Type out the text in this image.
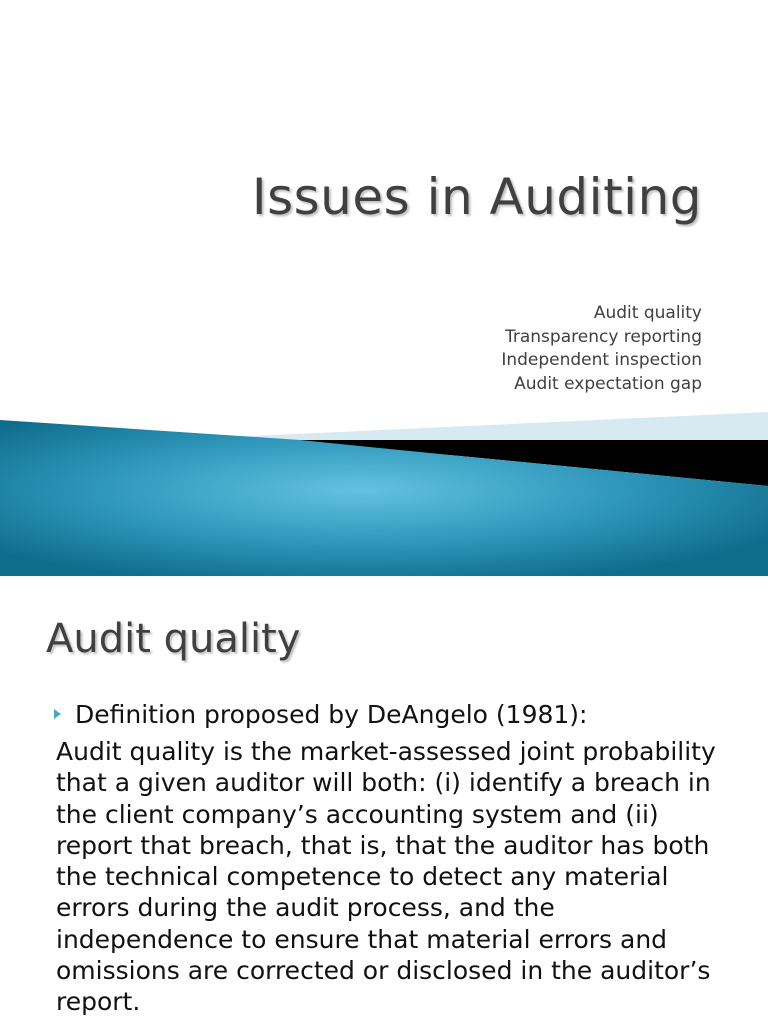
Issues in Auditing
Audit quality
Transparency reporting
Independent inspection
Audit expectation gap
Audit quality
Definition proposed by DeAngelo (1981):
Audit quality is the market-assessed joint probability that a given auditor will both: (i) identify a breach in the client company’s accounting system and (ii) report that breach, that is, that the auditor has both the technical competence to detect any material errors during the audit process, and the independence to ensure that material errors and omissions are corrected or disclosed in the auditor’s report.
